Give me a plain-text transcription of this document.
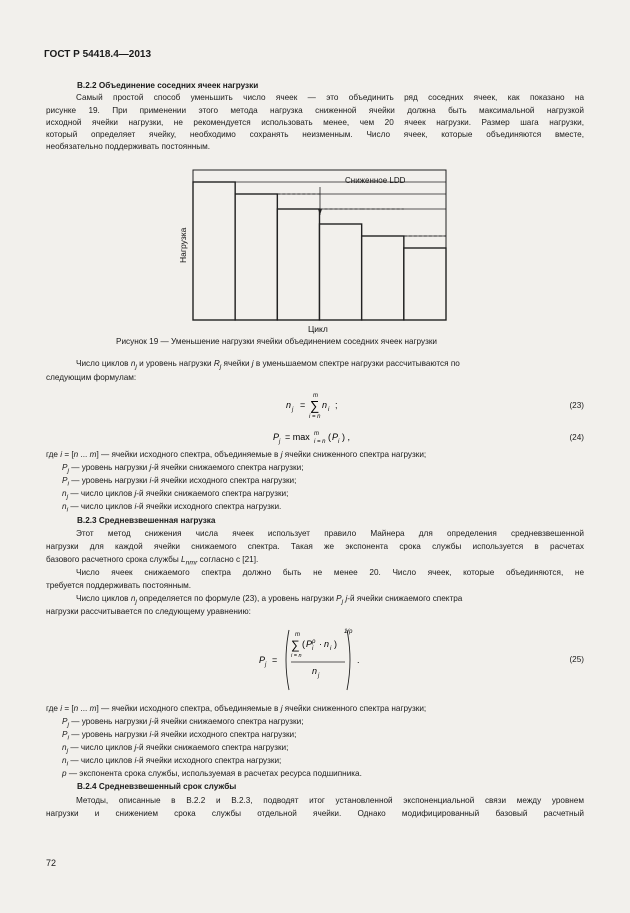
ГОСТ Р 54418.4—2013
B.2.2 Объединение соседних ячеек нагрузки
Самый простой способ уменьшить число ячеек — это объединить ряд соседних ячеек, как показано на
рисунке 19. При применении этого метода нагрузка сниженной ячейки должна быть максимальной нагрузкой
исходной ячейки нагрузки, не рекомендуется использовать менее, чем 20 ячеек нагрузки. Размер шага нагрузки,
который определяет ячейку, необходимо сохранять неизменным. Число ячеек, которые объединяются вместе,
необязательно поддерживать постоянным.
Сниженное LDD
Нагрузка
Цикл
Рисунок 19 — Уменьшение нагрузки ячейки объединением соседних ячеек нагрузки
Число циклов $n_j$ и уровень нагрузки $R_j$ ячейки j в уменьшаемом спектре нагрузки рассчитываются по
следующим формулам:
n j = ∑
m
i = n
n i ;	(23)
P j = max m
i = n ( P i ) ,	(24)
где i = [n ... m] — ячейки исходного спектра, объединяемые в j ячейки сниженного спектра нагрузки;
$P_j$ — уровень нагрузки j-й ячейки снижаемого спектра нагрузки;
$P_i$ — уровень нагрузки i-й ячейки исходного спектра нагрузки;
$n_j$ — число циклов j-й ячейки снижаемого спектра нагрузки;
$n_i$ — число циклов i-й ячейки исходного спектра нагрузки.
B.2.3 Средневзвешенная нагрузка
Этот метод снижения числа ячеек использует правило Майнера для определения средневзвешенной
нагрузки для каждой ячейки снижаемого спектра. Такая же экспонента срока службы используется в расчетах
базового расчетного срока службы $L_{nmr}$ согласно с [21].
Число ячеек снижаемого спектра должно быть не менее 20. Число ячеек, которые объединяются, не
требуется поддерживать постоянным.
Число циклов $n_j$ определяется по формуле (23), а уровень нагрузки $P_j$ j-й ячейки снижаемого спектра
нагрузки рассчитывается по следующему уравнению:
P j =
m
∑
i = n
( P ρ
i · n i )
n j
1/ρ
.	(25)
где i = [n ... m] — ячейки исходного спектра, объединяемые в j ячейки сниженного спектра нагрузки;
$P_j$ — уровень нагрузки j-й ячейки снижаемого спектра нагрузки;
$P_i$ — уровень нагрузки i-й ячейки исходного спектра нагрузки;
$n_j$ — число циклов j-й ячейки снижаемого спектра нагрузки;
$n_i$ — число циклов i-й ячейки исходного спектра нагрузки;
p — экспонента срока службы, используемая в расчетах ресурса подшипника.
B.2.4 Средневзвешенный срок службы
Методы, описанные в B.2.2 и B.2.3, подводят итог установленной экспоненциальной связи между уровнем
нагрузки и снижением срока службы отдельной ячейки. Однако модифицированный базовый расчетный
72
